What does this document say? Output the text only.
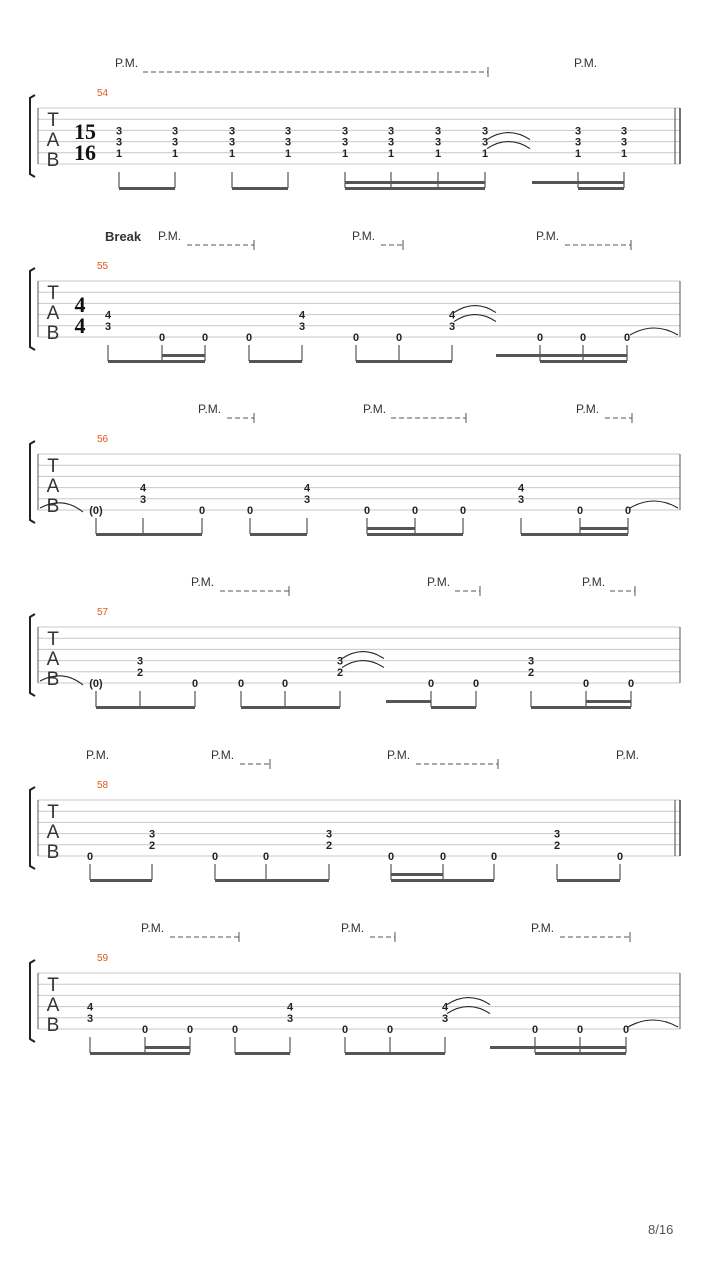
T
A
B
54
15
16
P.M.	P.M.
3
3
1
3
3
1
3
3
1
3
3
1
3
3
1
3
3
1
3
3
1
3
3
1
3
3
1
3
3
1
T
A
B
55
4
4
Break P.M.	P.M.	P.M.
4
3
0	0	0
4
3
0	0
4
3
0	0	0
T
A
B
56
P.M.	P.M.	P.M.
(0)
4
3
0	0
4
3
0	0	0
4
3
0	0
T
A
B
57
P.M.	P.M.	P.M.
(0)
3
2
0	0	0
3
2
0	0
3
2
0	0
T
A
B
58
P.M.	P.M.	P.M.	P.M.
0
3
2
0	0
3
2
0	0	0
3
2
0
T
A
B
59
P.M.	P.M.	P.M.
4
3
0	0	0
4
3
0	0
4
3
0	0	0
8/16
